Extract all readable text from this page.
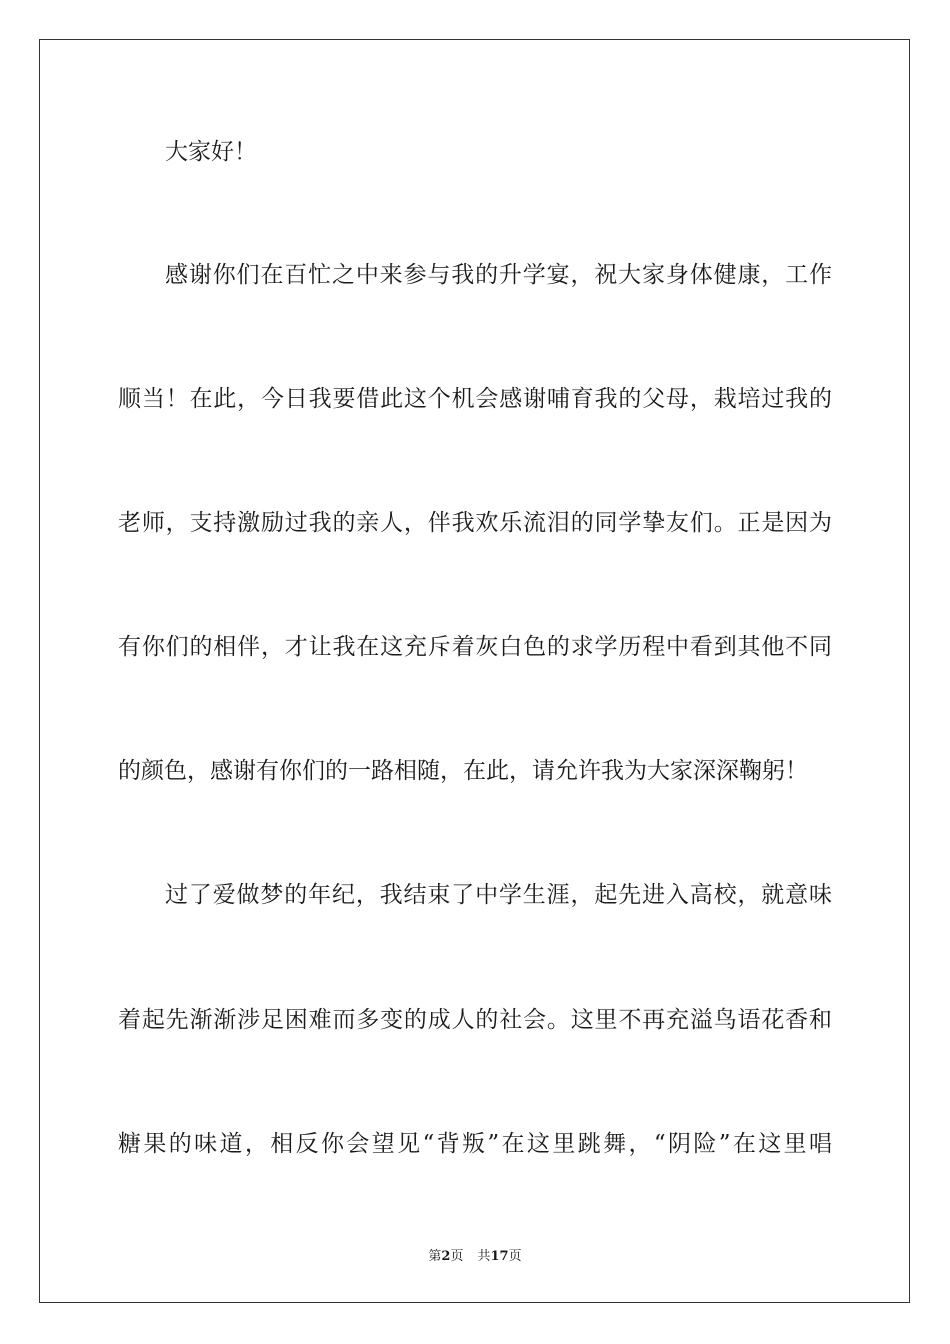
大家好！
感谢你们在百忙之中来参与我的升学宴，祝大家身体健康，工作
顺当！在此，今日我要借此这个机会感谢哺育我的父母，栽培过我的
老师，支持激励过我的亲人，伴我欢乐流泪的同学挚友们。正是因为
有你们的相伴，才让我在这充斥着灰白色的求学历程中看到其他不同
的颜色，感谢有你们的一路相随，在此，请允许我为大家深深鞠躬！
过了爱做梦的年纪，我结束了中学生涯，起先进入高校，就意味
着起先渐渐涉足困难而多变的成人的社会。这里不再充溢鸟语花香和
糖果的味道，相反你会望见“背叛”在这里跳舞，“阴险”在这里唱
第2页 共17页
